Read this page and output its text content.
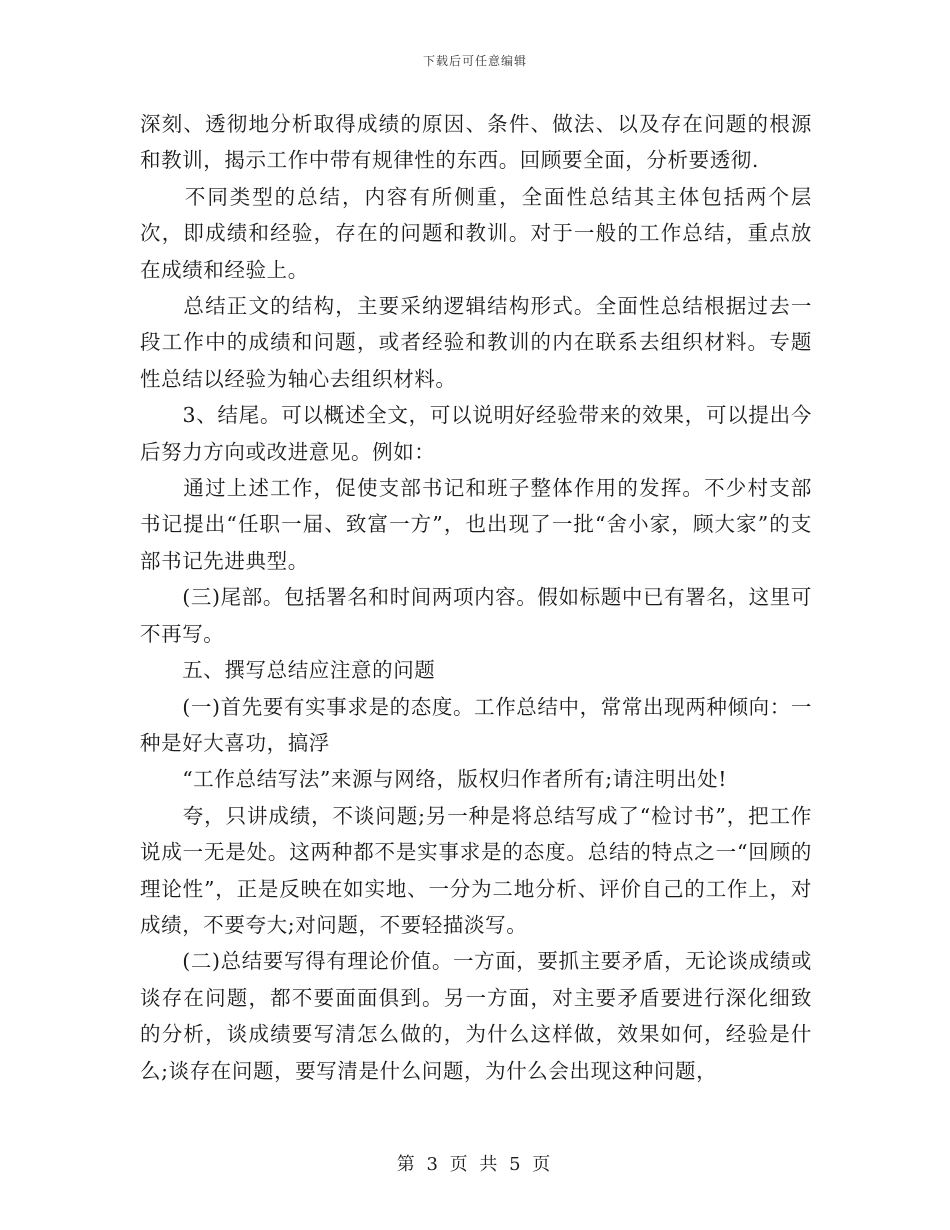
下载后可任意编辑

深刻、透彻地分析取得成绩的原因、条件、做法、以及存在问题的根源和教训，揭示工作中带有规律性的东西。回顾要全面，分析要透彻.

　　不同类型的总结，内容有所侧重，全面性总结其主体包括两个层次，即成绩和经验，存在的问题和教训。对于一般的工作总结，重点放在成绩和经验上。

　　总结正文的结构，主要采纳逻辑结构形式。全面性总结根据过去一段工作中的成绩和问题，或者经验和教训的内在联系去组织材料。专题性总结以经验为轴心去组织材料。

　　3、结尾。可以概述全文，可以说明好经验带来的效果，可以提出今后努力方向或改进意见。例如：

　　通过上述工作，促使支部书记和班子整体作用的发挥。不少村支部书记提出“任职一届、致富一方”，也出现了一批“舍小家，顾大家”的支部书记先进典型。

　　(三)尾部。包括署名和时间两项内容。假如标题中已有署名，这里可不再写。

　　五、撰写总结应注意的问题

　　(一)首先要有实事求是的态度。工作总结中，常常出现两种倾向：一种是好大喜功，搞浮

　　“工作总结写法”来源与网络，版权归作者所有;请注明出处!

　　夸，只讲成绩，不谈问题;另一种是将总结写成了“检讨书”，把工作说成一无是处。这两种都不是实事求是的态度。总结的特点之一“回顾的理论性”，正是反映在如实地、一分为二地分析、评价自己的工作上，对成绩，不要夸大;对问题，不要轻描淡写。

　　(二)总结要写得有理论价值。一方面，要抓主要矛盾，无论谈成绩或谈存在问题，都不要面面俱到。另一方面，对主要矛盾要进行深化细致的分析，谈成绩要写清怎么做的，为什么这样做，效果如何，经验是什么;谈存在问题，要写清是什么问题，为什么会出现这种问题，

第 3 页 共 5 页
